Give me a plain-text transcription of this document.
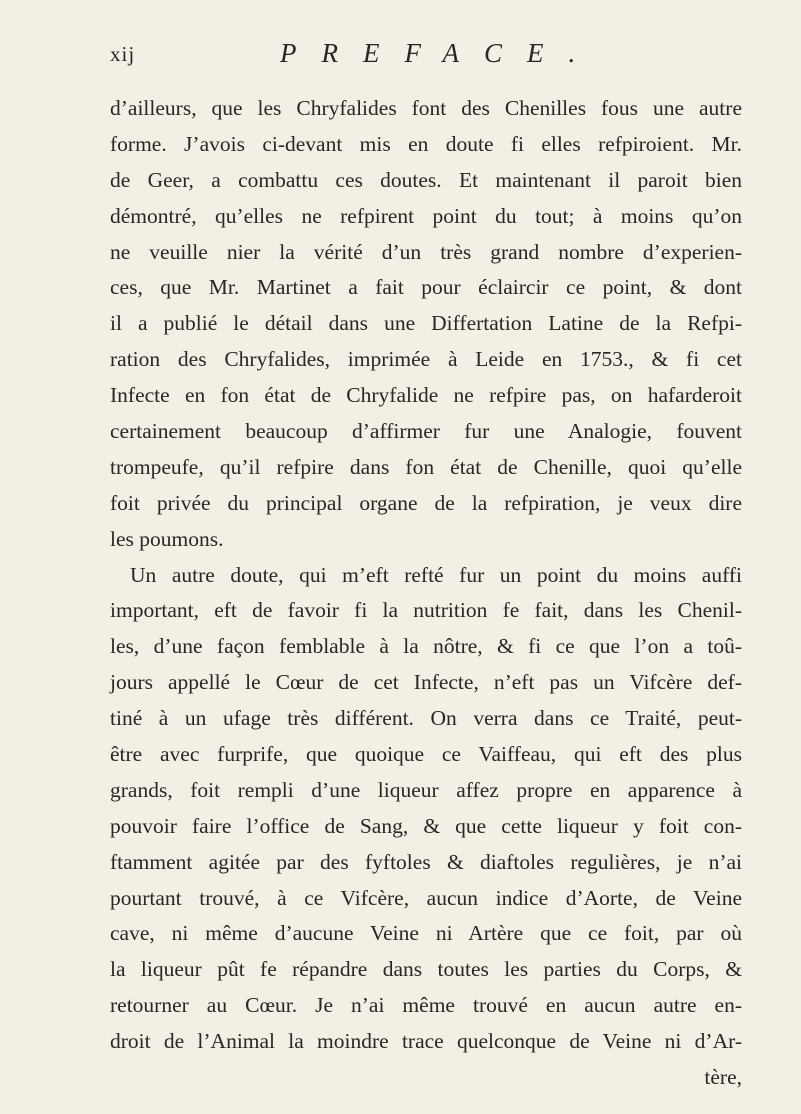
xij	PREFACE.
d’ailleurs, que les Chryfalides font des Chenilles fous une autre
forme. J’avois ci-devant mis en doute fi elles refpiroient. Mr.
de Geer, a combattu ces doutes. Et maintenant il paroit bien
démontré, qu’elles ne refpirent point du tout; à moins qu’on
ne veuille nier la vérité d’un très grand nombre d’experien-
ces, que Mr. Martinet a fait pour éclaircir ce point, & dont
il a publié le détail dans une Differtation Latine de la Refpi-
ration des Chryfalides, imprimée à Leide en 1753., & fi cet
Infecte en fon état de Chryfalide ne refpire pas, on hafarderoit
certainement beaucoup d’affirmer fur une Analogie, fouvent
trompeufe, qu’il refpire dans fon état de Chenille, quoi qu’elle
foit privée du principal organe de la refpiration, je veux dire
les poumons.
Un autre doute, qui m’eft refté fur un point du moins auffi
important, eft de favoir fi la nutrition fe fait, dans les Chenil-
les, d’une façon femblable à la nôtre, & fi ce que l’on a toû-
jours appellé le Cœur de cet Infecte, n’eft pas un Vifcère def-
tiné à un ufage très différent. On verra dans ce Traité, peut-
être avec furprife, que quoique ce Vaiffeau, qui eft des plus
grands, foit rempli d’une liqueur affez propre en apparence à
pouvoir faire l’office de Sang, & que cette liqueur y foit con-
ftamment agitée par des fyftoles & diaftoles regulières, je n’ai
pourtant trouvé, à ce Vifcère, aucun indice d’Aorte, de Veine
cave, ni même d’aucune Veine ni Artère que ce foit, par où
la liqueur pût fe répandre dans toutes les parties du Corps, &
retourner au Cœur. Je n’ai même trouvé en aucun autre en-
droit de l’Animal la moindre trace quelconque de Veine ni d’Ar-
tère,
